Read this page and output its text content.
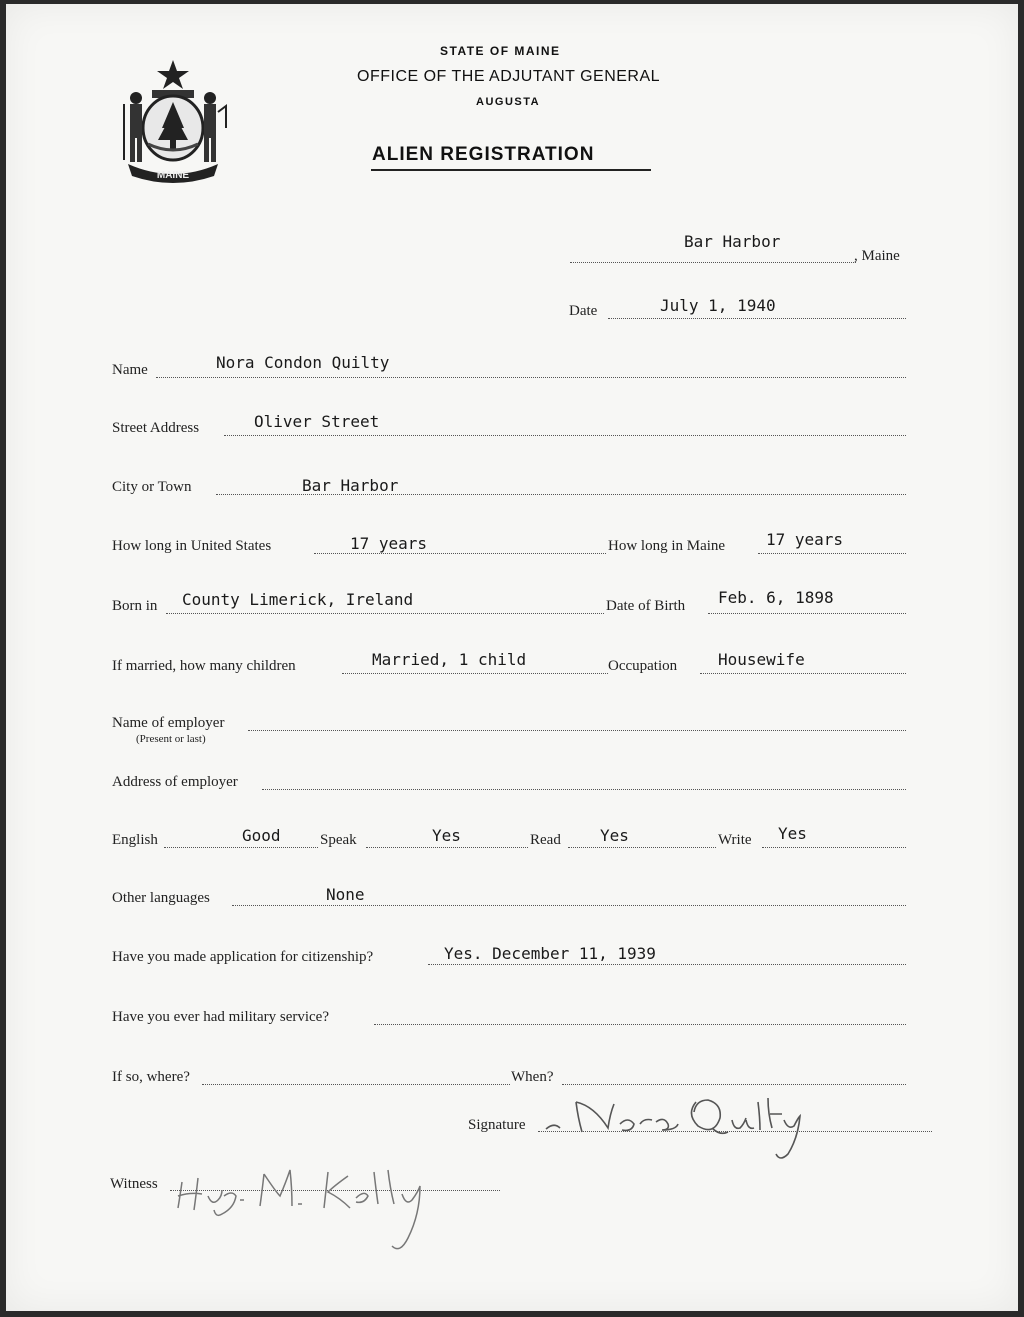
MAINE
STATE OF MAINE
OFFICE OF THE ADJUTANT GENERAL
AUGUSTA
ALIEN REGISTRATION
Bar Harbor
, Maine
Date	July 1, 1940
Name	Nora Condon Quilty
Street Address	Oliver Street
City or Town	Bar Harbor
How long in United States	17 years	How long in Maine	17 years
Born in County Limerick, Ireland	Date of Birth Feb. 6, 1898
If married, how many children	Married, 1 child	Occupation	Housewife
Name of employer
(Present or last)
Address of employer
English	Good	Speak	Yes	Read Yes	Write Yes
Other languages	None
Have you made application for citizenship?	Yes. December 11, 1939
Have you ever had military service?
If so, where?	When?
Signature
Witness
